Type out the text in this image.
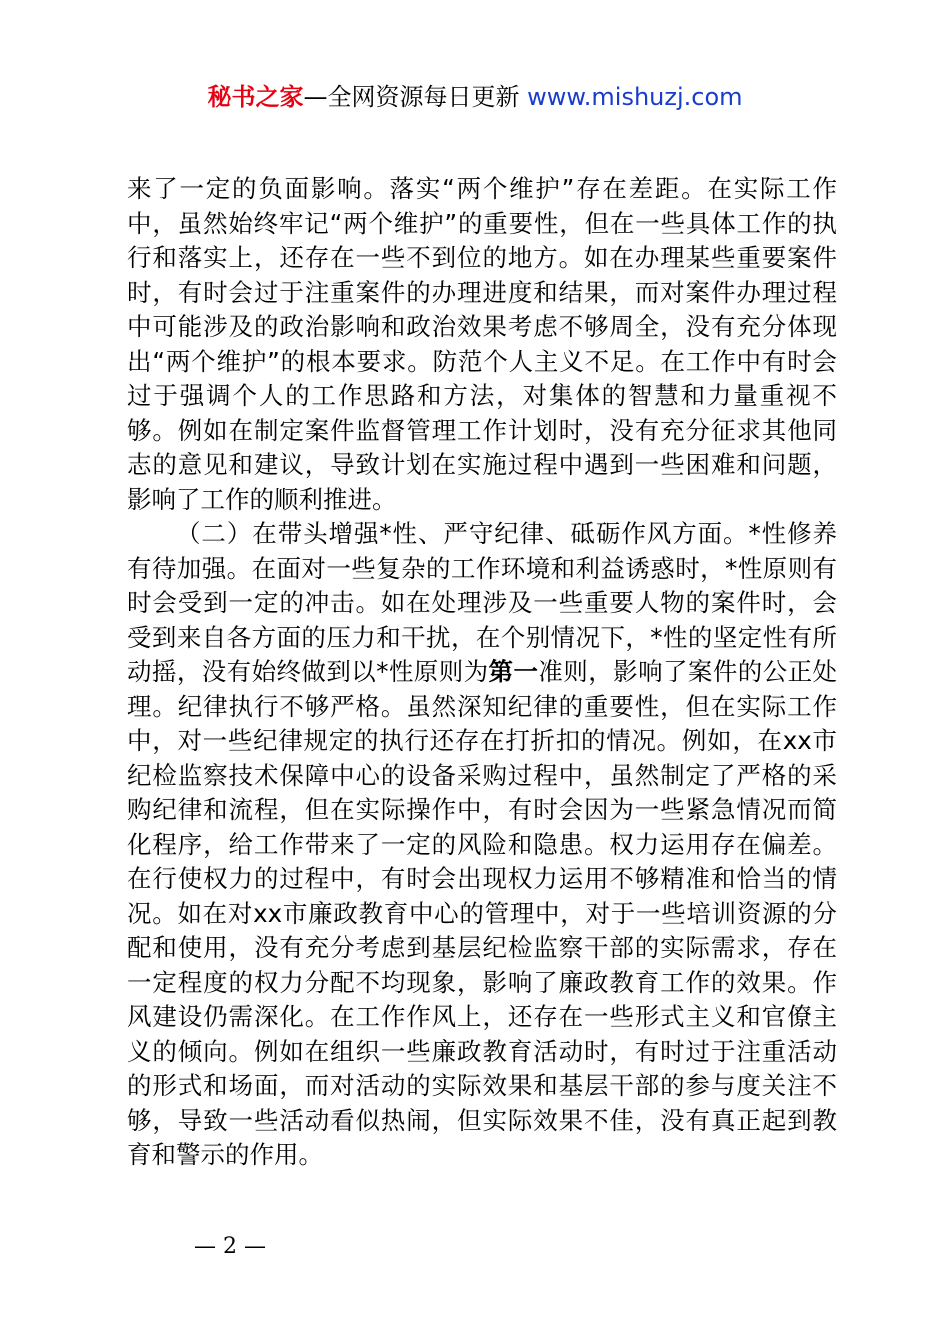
秘书之家—全网资源每日更新 www.mishuzj.com

来了一定的负面影响。落实“两个维护”存在差距。在实际工作中，虽然始终牢记“两个维护”的重要性，但在一些具体工作的执行和落实上，还存在一些不到位的地方。如在办理某些重要案件时，有时会过于注重案件的办理进度和结果，而对案件办理过程中可能涉及的政治影响和政治效果考虑不够周全，没有充分体现出“两个维护”的根本要求。防范个人主义不足。在工作中有时会过于强调个人的工作思路和方法，对集体的智慧和力量重视不够。例如在制定案件监督管理工作计划时，没有充分征求其他同志的意见和建议，导致计划在实施过程中遇到一些困难和问题，影响了工作的顺利推进。

（二）在带头增强*性、严守纪律、砥砺作风方面。*性修养有待加强。在面对一些复杂的工作环境和利益诱惑时，*性原则有时会受到一定的冲击。如在处理涉及一些重要人物的案件时，会受到来自各方面的压力和干扰，在个别情况下，*性的坚定性有所动摇，没有始终做到以*性原则为第一准则，影响了案件的公正处理。纪律执行不够严格。虽然深知纪律的重要性，但在实际工作中，对一些纪律规定的执行还存在打折扣的情况。例如，在xx市纪检监察技术保障中心的设备采购过程中，虽然制定了严格的采购纪律和流程，但在实际操作中，有时会因为一些紧急情况而简化程序，给工作带来了一定的风险和隐患。权力运用存在偏差。在行使权力的过程中，有时会出现权力运用不够精准和恰当的情况。如在对xx市廉政教育中心的管理中，对于一些培训资源的分配和使用，没有充分考虑到基层纪检监察干部的实际需求，存在一定程度的权力分配不均现象，影响了廉政教育工作的效果。作风建设仍需深化。在工作作风上，还存在一些形式主义和官僚主义的倾向。例如在组织一些廉政教育活动时，有时过于注重活动的形式和场面，而对活动的实际效果和基层干部的参与度关注不够，导致一些活动看似热闹，但实际效果不佳，没有真正起到教育和警示的作用。

— 2 —
